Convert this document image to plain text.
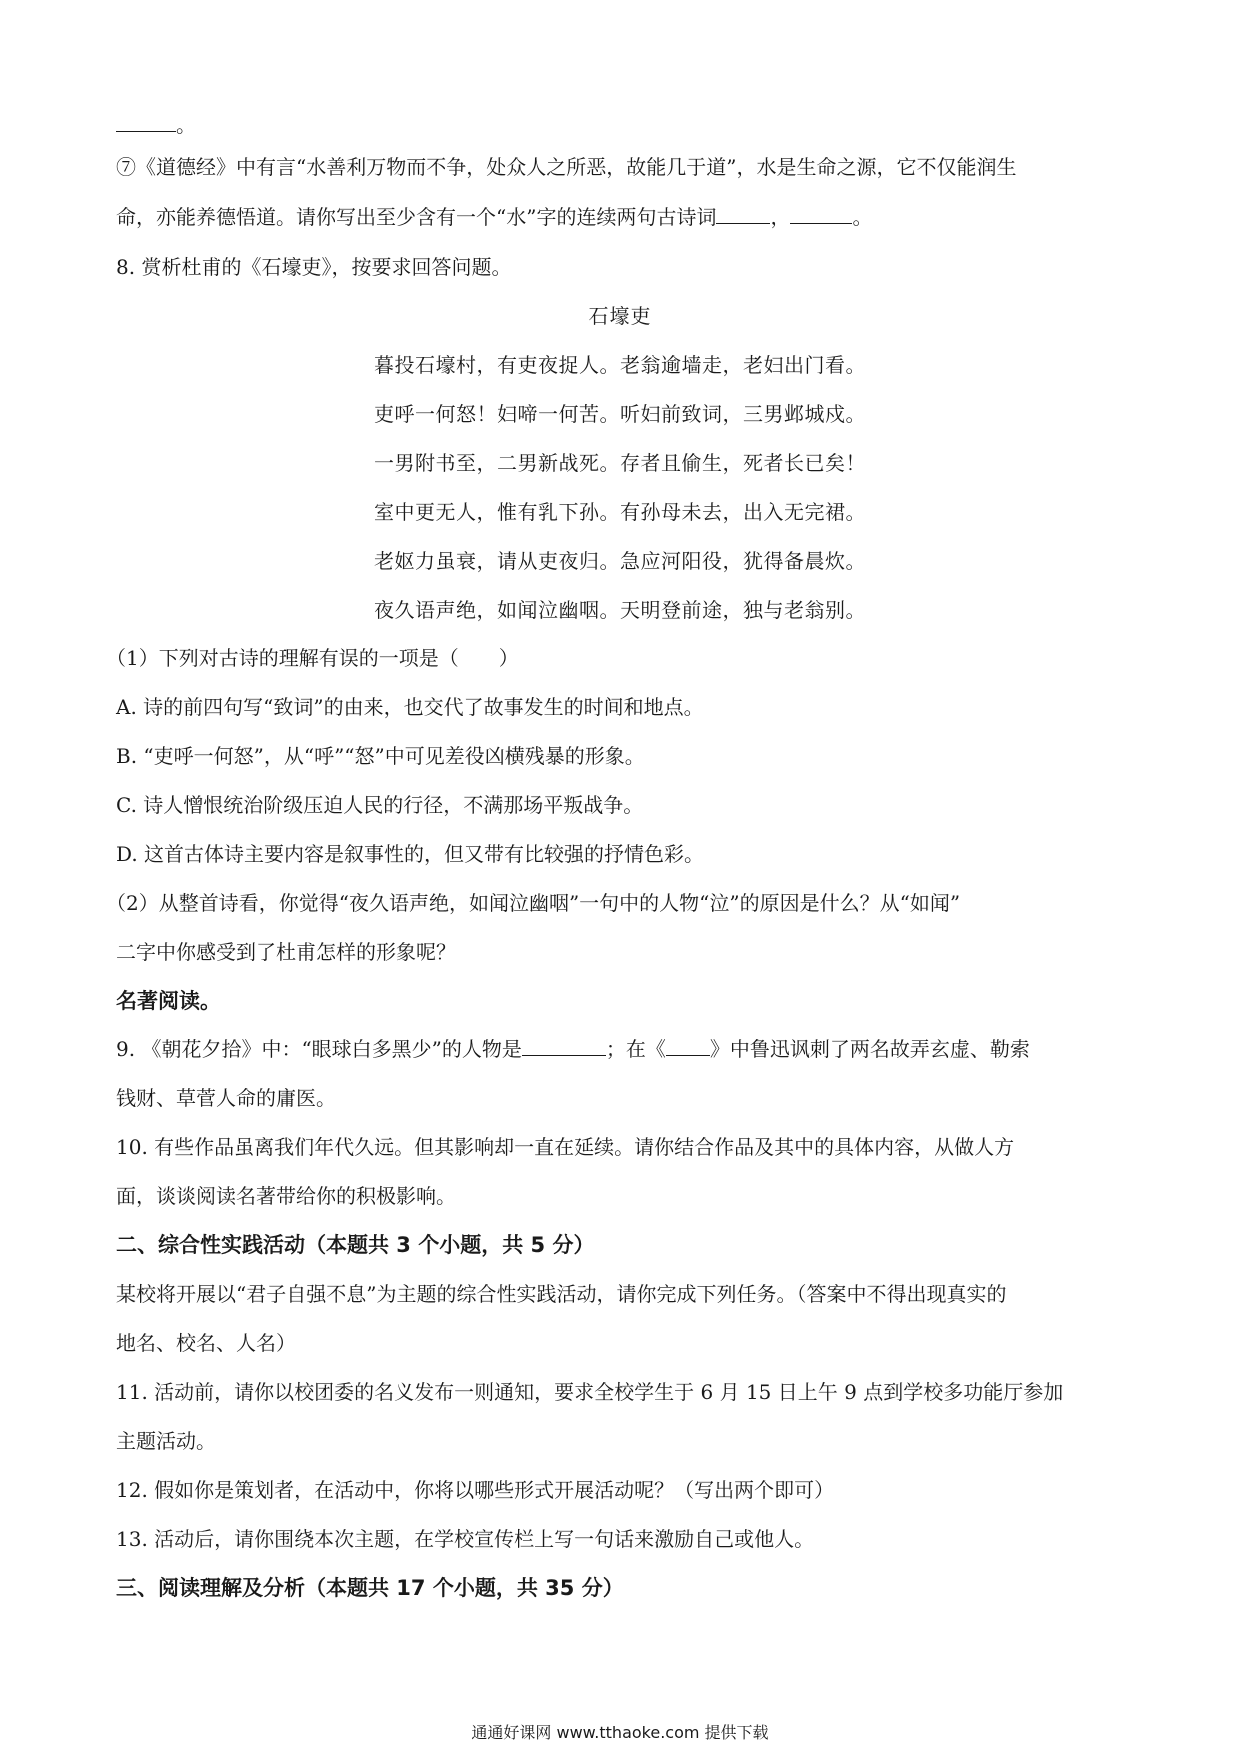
。
⑦《道德经》中有言“水善利万物而不争，处众人之所恶，故能几于道”，水是生命之源，它不仅能润生
命，亦能养德悟道。请你写出至少含有一个“水”字的连续两句古诗词	，	。
8. 赏析杜甫的《石壕吏》，按要求回答问题。
石壕吏
暮投石壕村，有吏夜捉人。老翁逾墙走，老妇出门看。
吏呼一何怒！妇啼一何苦。听妇前致词，三男邺城戍。
一男附书至，二男新战死。存者且偷生，死者长已矣！
室中更无人，惟有乳下孙。有孙母未去，出入无完裙。
老妪力虽衰，请从吏夜归。急应河阳役，犹得备晨炊。
夜久语声绝，如闻泣幽咽。天明登前途，独与老翁别。
（1）下列对古诗的理解有误的一项是（　　）
A. 诗的前四句写“致词”的由来，也交代了故事发生的时间和地点。
B. “吏呼一何怒”，从“呼”“怒”中可见差役凶横残暴的形象。
C. 诗人憎恨统治阶级压迫人民的行径，不满那场平叛战争。
D. 这首古体诗主要内容是叙事性的，但又带有比较强的抒情色彩。
（2）从整首诗看，你觉得“夜久语声绝，如闻泣幽咽”一句中的人物“泣”的原因是什么？从“如闻”
二字中你感受到了杜甫怎样的形象呢？
名著阅读。
9. 《朝花夕拾》中：“眼球白多黑少”的人物是	；在《 》中鲁迅讽刺了两名故弄玄虚、勒索
钱财、草菅人命的庸医。
10. 有些作品虽离我们年代久远。但其影响却一直在延续。请你结合作品及其中的具体内容，从做人方
面，谈谈阅读名著带给你的积极影响。
二、综合性实践活动（本题共 3 个小题，共 5 分）
某校将开展以“君子自强不息”为主题的综合性实践活动，请你完成下列任务。（答案中不得出现真实的
地名、校名、人名）
11. 活动前，请你以校团委的名义发布一则通知，要求全校学生于 6 月 15 日上午 9 点到学校多功能厅参加
主题活动。
12. 假如你是策划者，在活动中，你将以哪些形式开展活动呢？（写出两个即可）
13. 活动后，请你围绕本次主题，在学校宣传栏上写一句话来激励自己或他人。
三、阅读理解及分析（本题共 17 个小题，共 35 分）
通通好课网 www.tthaoke.com 提供下载
